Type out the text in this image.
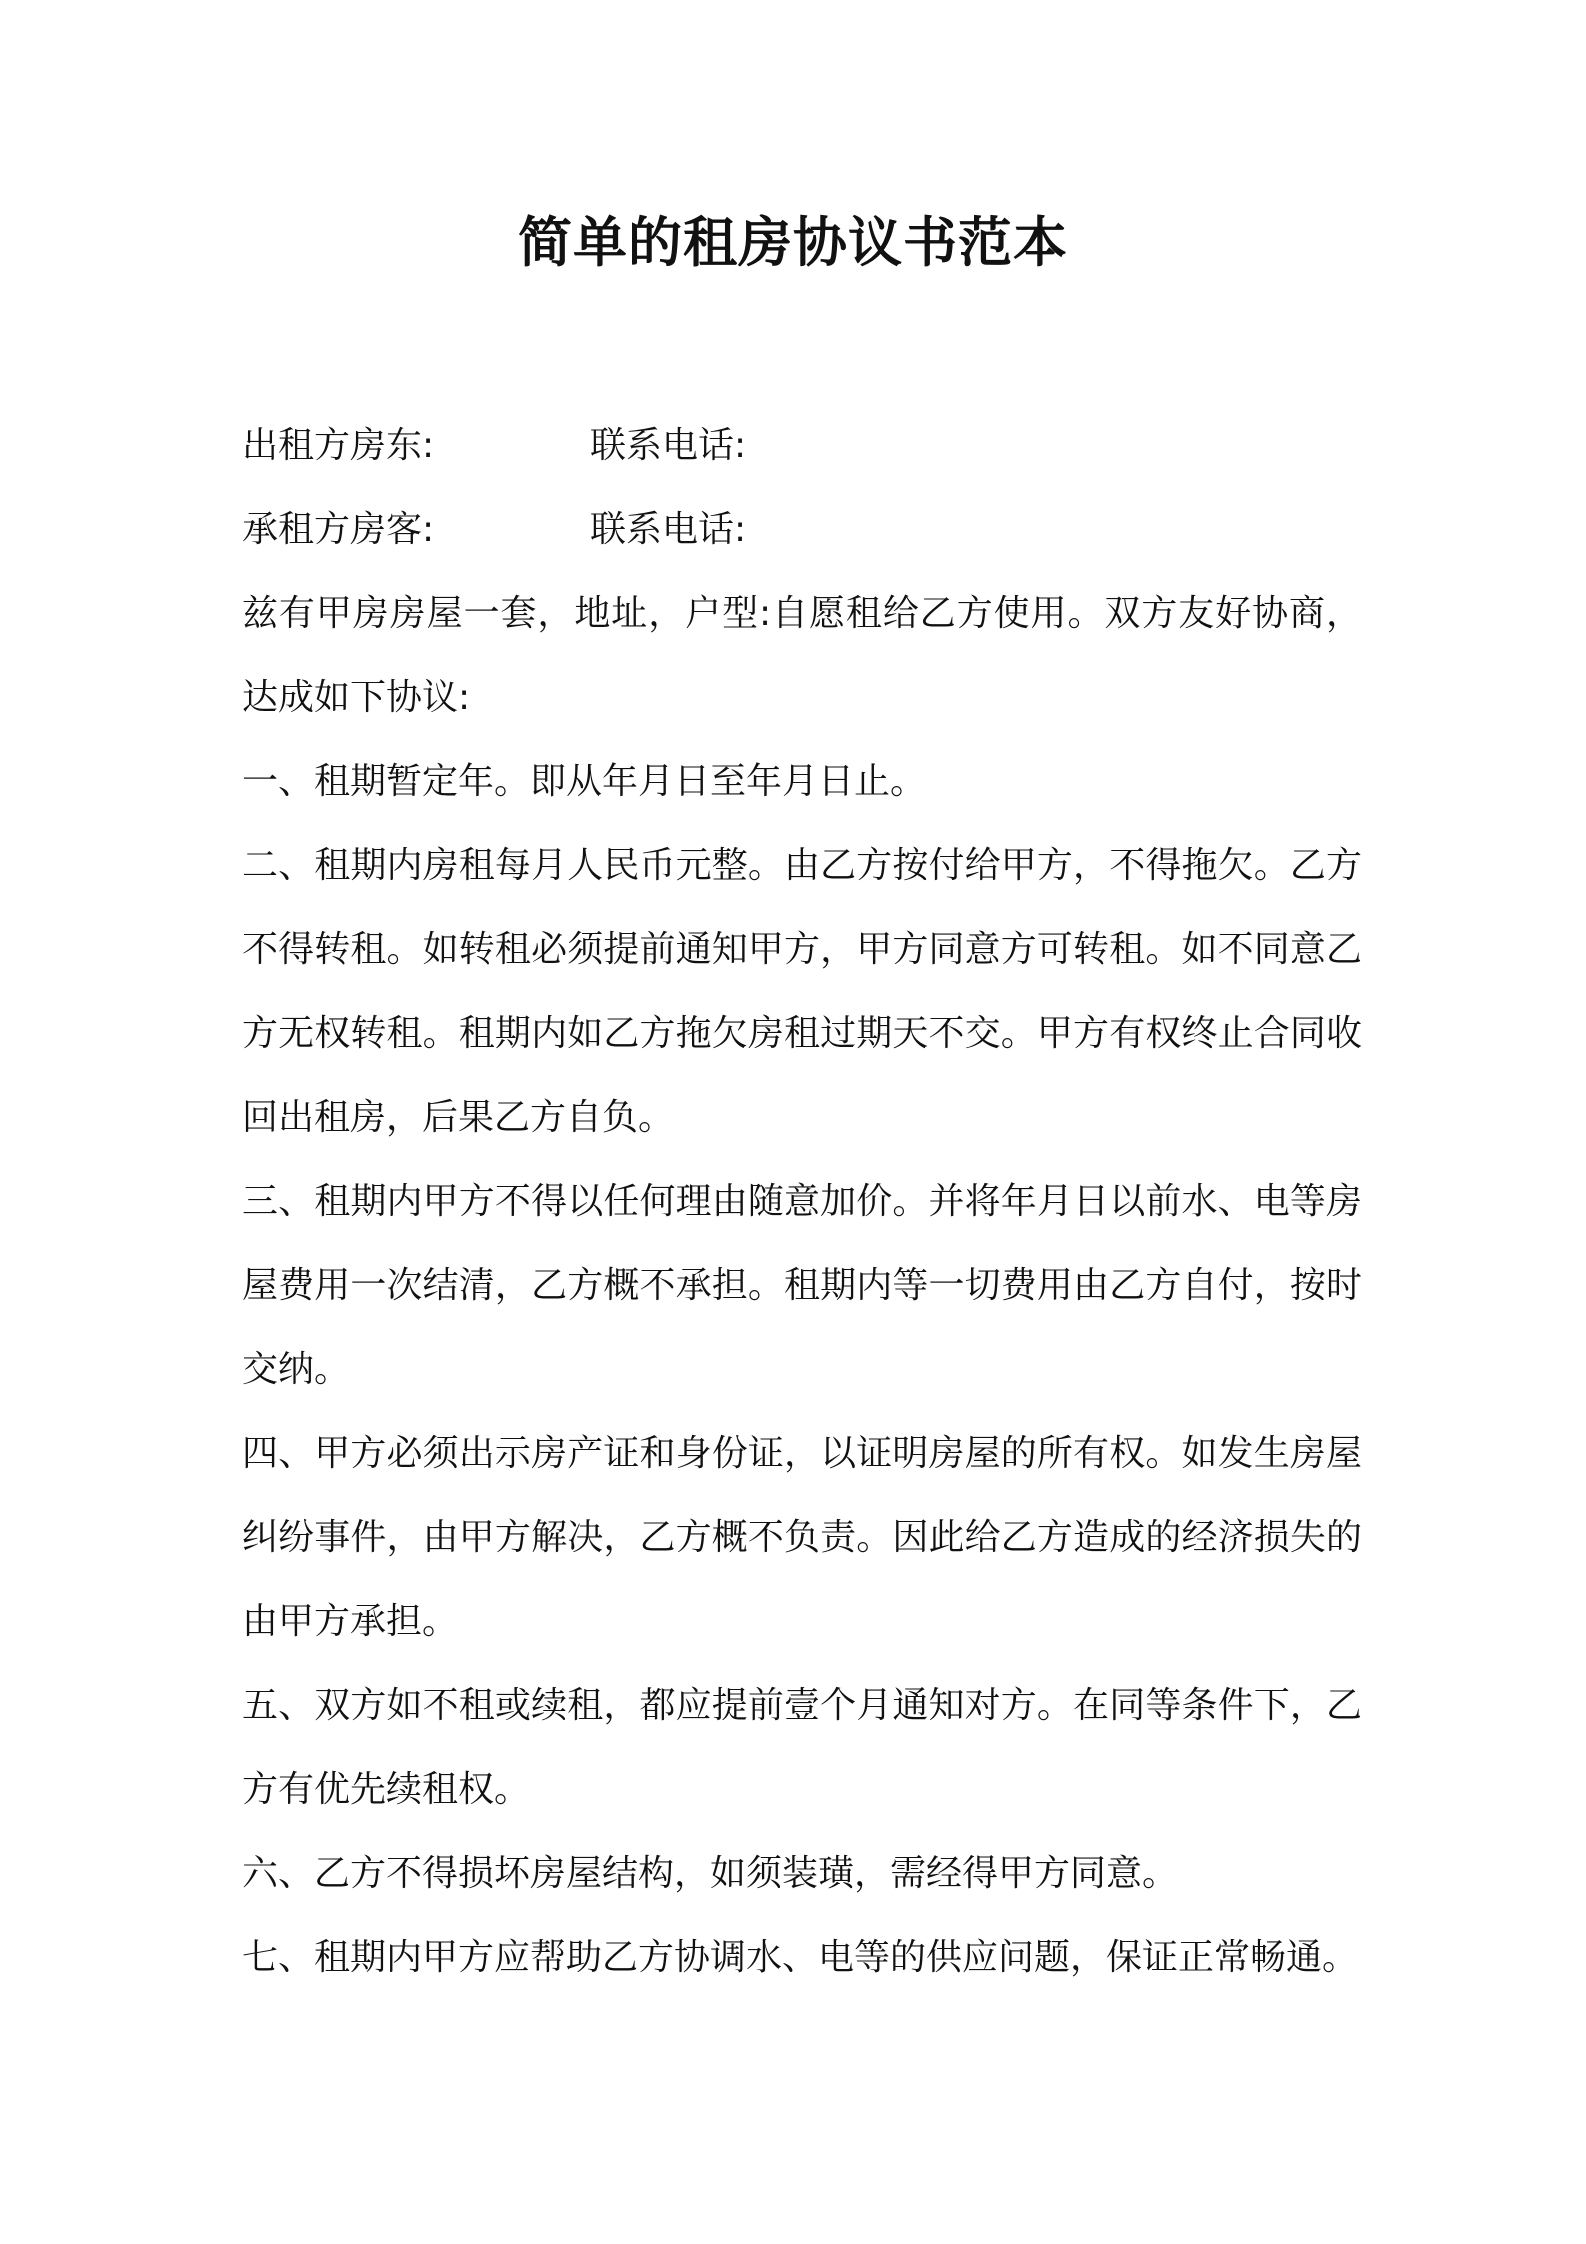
简单的租房协议书范本
出租方房东:	联系电话:
承租方房客:	联系电话:

兹有甲房房屋一套，地址，户型:自愿租给乙方使用。双方友好协商，达成如下协议:

一、租期暂定年。即从年月日至年月日止。

二、租期内房租每月人民币元整。由乙方按付给甲方，不得拖欠。乙方不得转租。如转租必须提前通知甲方，甲方同意方可转租。如不同意乙方无权转租。租期内如乙方拖欠房租过期天不交。甲方有权终止合同收回出租房，后果乙方自负。

三、租期内甲方不得以任何理由随意加价。并将年月日以前水、电等房屋费用一次结清，乙方概不承担。租期内等一切费用由乙方自付，按时交纳。

四、甲方必须出示房产证和身份证，以证明房屋的所有权。如发生房屋纠纷事件，由甲方解决，乙方概不负责。因此给乙方造成的经济损失的由甲方承担。

五、双方如不租或续租，都应提前壹个月通知对方。在同等条件下，乙方有优先续租权。

六、乙方不得损坏房屋结构，如须装璜，需经得甲方同意。

七、租期内甲方应帮助乙方协调水、电等的供应问题，保证正常畅通。
